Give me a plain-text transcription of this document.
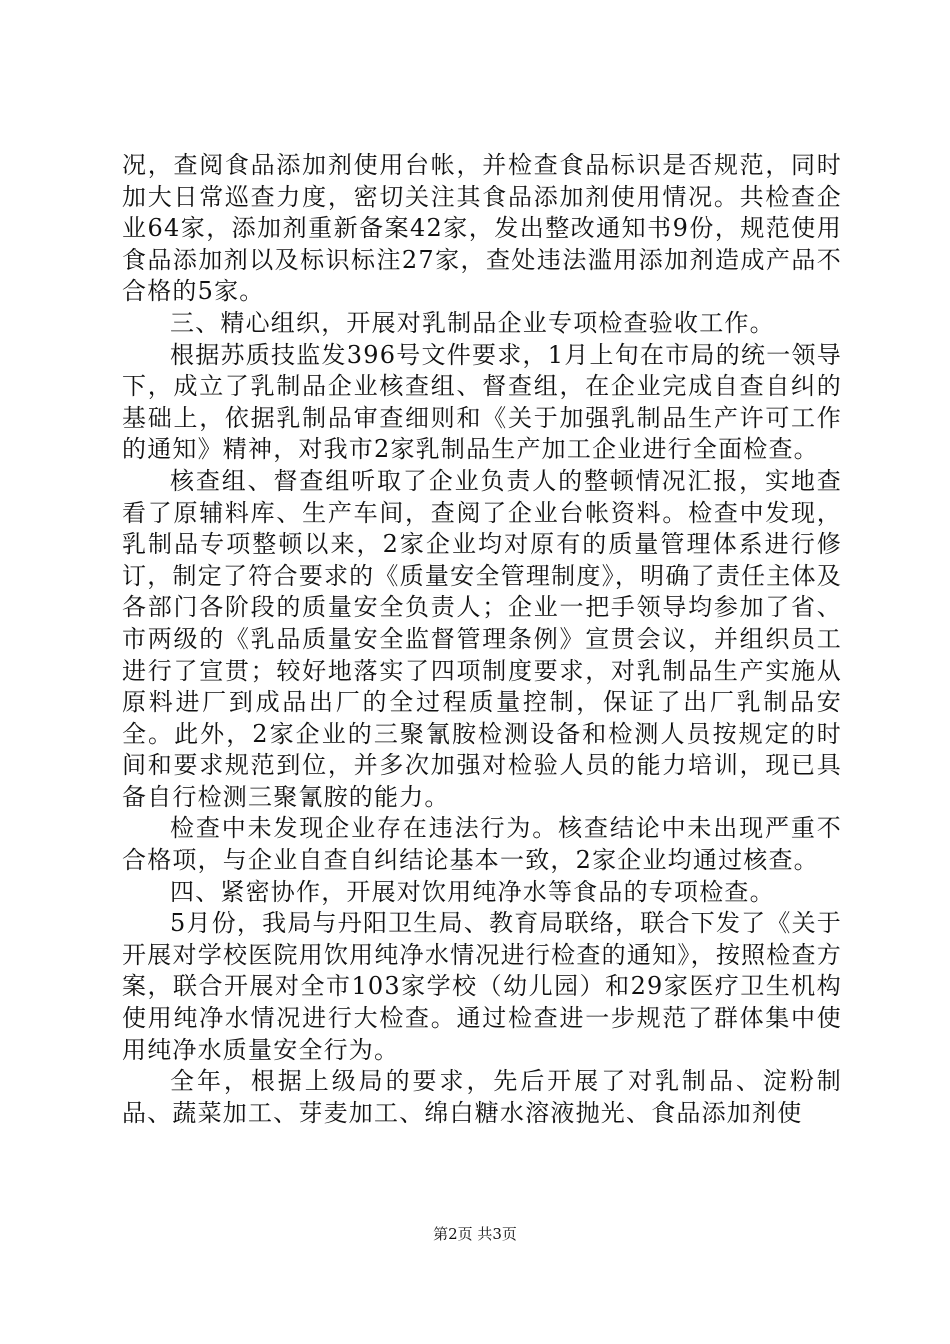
况，查阅食品添加剂使用台帐，并检查食品标识是否规范，同时加大日常巡查力度，密切关注其食品添加剂使用情况。共检查企业64家，添加剂重新备案42家，发出整改通知书9份，规范使用食品添加剂以及标识标注27家，查处违法滥用添加剂造成产品不合格的5家。

三、精心组织，开展对乳制品企业专项检查验收工作。

根据苏质技监发396号文件要求，1月上旬在市局的统一领导下，成立了乳制品企业核查组、督查组，在企业完成自查自纠的基础上，依据乳制品审查细则和《关于加强乳制品生产许可工作的通知》精神，对我市2家乳制品生产加工企业进行全面检查。

核查组、督查组听取了企业负责人的整顿情况汇报，实地查看了原辅料库、生产车间，查阅了企业台帐资料。检查中发现，乳制品专项整顿以来，2家企业均对原有的质量管理体系进行修订，制定了符合要求的《质量安全管理制度》，明确了责任主体及各部门各阶段的质量安全负责人；企业一把手领导均参加了省、市两级的《乳品质量安全监督管理条例》宣贯会议，并组织员工进行了宣贯；较好地落实了四项制度要求，对乳制品生产实施从原料进厂到成品出厂的全过程质量控制，保证了出厂乳制品安全。此外，2家企业的三聚氰胺检测设备和检测人员按规定的时间和要求规范到位，并多次加强对检验人员的能力培训，现已具备自行检测三聚氰胺的能力。

检查中未发现企业存在违法行为。核查结论中未出现严重不合格项，与企业自查自纠结论基本一致，2家企业均通过核查。

四、紧密协作，开展对饮用纯净水等食品的专项检查。

5月份，我局与丹阳卫生局、教育局联络，联合下发了《关于开展对学校医院用饮用纯净水情况进行检查的通知》，按照检查方案，联合开展对全市103家学校（幼儿园）和29家医疗卫生机构使用纯净水情况进行大检查。通过检查进一步规范了群体集中使用纯净水质量安全行为。

全年，根据上级局的要求，先后开展了对乳制品、淀粉制品、蔬菜加工、芽麦加工、绵白糖水溶液抛光、食品添加剂使

第2页 共3页
